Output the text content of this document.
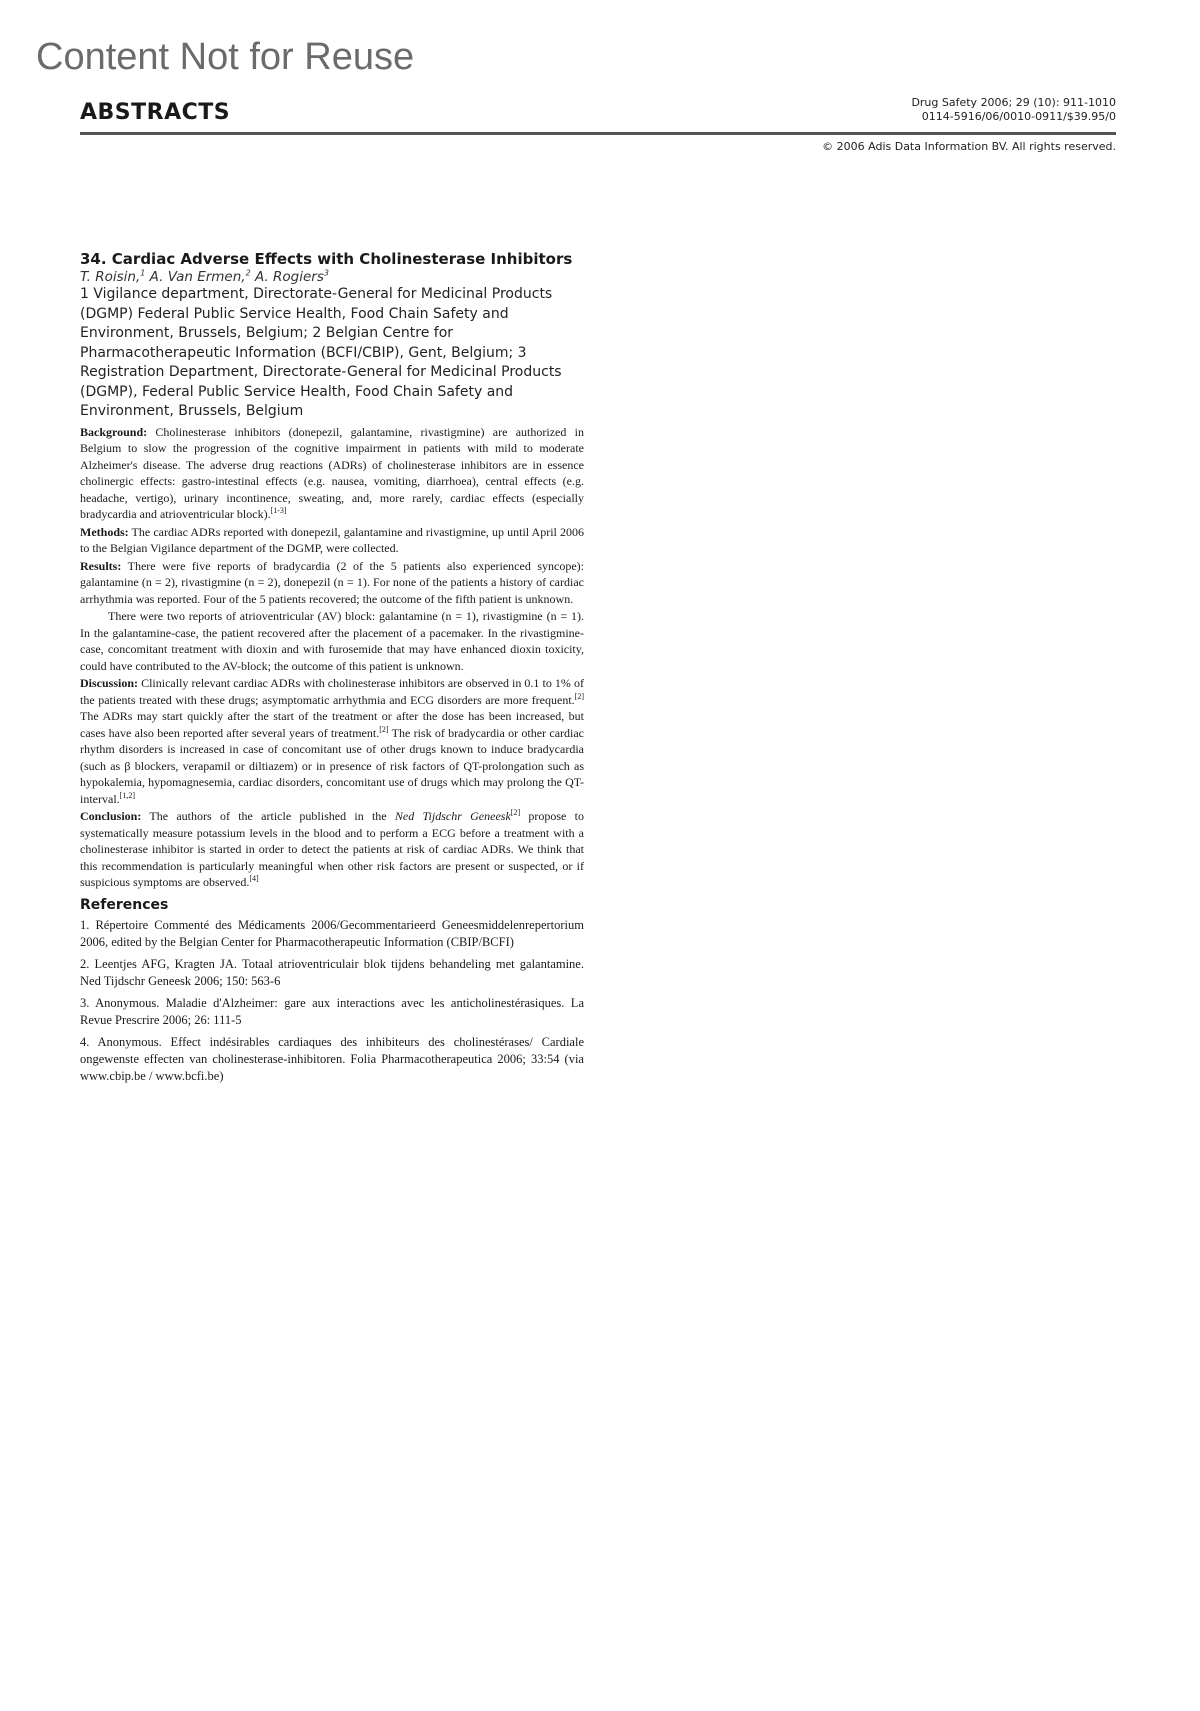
Content Not for Reuse
ABSTRACTS	Drug Safety 2006; 29 (10): 911-1010
0114-5916/06/0010-0911/$39.95/0
© 2006 Adis Data Information BV. All rights reserved.
34. Cardiac Adverse Effects with Cholinesterase Inhibitors
T. Roisin,$^1$ A. Van Ermen,$^2$ A. Rogiers$^3$
1 Vigilance department, Directorate-General for Medicinal Products (DGMP) Federal Public Service Health, Food Chain Safety and Environment, Brussels, Belgium; 2 Belgian Centre for Pharmacotherapeutic Information (BCFI/CBIP), Gent, Belgium; 3 Registration Department, Directorate-General for Medicinal Products (DGMP), Federal Public Service Health, Food Chain Safety and Environment, Brussels, Belgium

Background: Cholinesterase inhibitors (donepezil, galantamine, rivastigmine) are authorized in Belgium to slow the progression of the cognitive impairment in patients with mild to moderate Alzheimer's disease. The adverse drug reactions (ADRs) of cholinesterase inhibitors are in essence cholinergic effects: gastro-intestinal effects (e.g. nausea, vomiting, diarrhoea), central effects (e.g. headache, vertigo), urinary incontinence, sweating, and, more rarely, cardiac effects (especially bradycardia and atrioventricular block).[1-3]

Methods: The cardiac ADRs reported with donepezil, galantamine and rivastigmine, up until April 2006 to the Belgian Vigilance department of the DGMP, were collected.

Results: There were five reports of bradycardia (2 of the 5 patients also experienced syncope): galantamine (n = 2), rivastigmine (n = 2), donepezil (n = 1). For none of the patients a history of cardiac arrhythmia was reported. Four of the 5 patients recovered; the outcome of the fifth patient is unknown.

There were two reports of atrioventricular (AV) block: galantamine (n = 1), rivastigmine (n = 1). In the galantamine-case, the patient recovered after the placement of a pacemaker. In the rivastigmine-case, concomitant treatment with dioxin and with furosemide that may have enhanced dioxin toxicity, could have contributed to the AV-block; the outcome of this patient is unknown.

Discussion: Clinically relevant cardiac ADRs with cholinesterase inhibitors are observed in 0.1 to 1% of the patients treated with these drugs; asymptomatic arrhythmia and ECG disorders are more frequent.[2] The ADRs may start quickly after the start of the treatment or after the dose has been increased, but cases have also been reported after several years of treatment.[2] The risk of bradycardia or other cardiac rhythm disorders is increased in case of concomitant use of other drugs known to induce bradycardia (such as β blockers, verapamil or diltiazem) or in presence of risk factors of QT-prolongation such as hypokalemia, hypomagnesemia, cardiac disorders, concomitant use of drugs which may prolong the QT-interval.[1,2]

Conclusion: The authors of the article published in the Ned Tijdschr Geneesk[2] propose to systematically measure potassium levels in the blood and to perform a ECG before a treatment with a cholinesterase inhibitor is started in order to detect the patients at risk of cardiac ADRs. We think that this recommendation is particularly meaningful when other risk factors are present or suspected, or if suspicious symptoms are observed.[4]

References

1. Répertoire Commenté des Médicaments 2006/Gecommentarieerd Geneesmiddelenrepertorium 2006, edited by the Belgian Center for Pharmacotherapeutic Information (CBIP/BCFI)

2. Leentjes AFG, Kragten JA. Totaal atrioventriculair blok tijdens behandeling met galantamine. Ned Tijdschr Geneesk 2006; 150: 563-6

3. Anonymous. Maladie d'Alzheimer: gare aux interactions avec les anticholinestérasiques. La Revue Prescrire 2006; 26: 111-5

4. Anonymous. Effect indésirables cardiaques des inhibiteurs des cholinestérases/ Cardiale ongewenste effecten van cholinesterase-inhibitoren. Folia Pharmacotherapeutica 2006; 33:54 (via www.cbip.be / www.bcfi.be)
